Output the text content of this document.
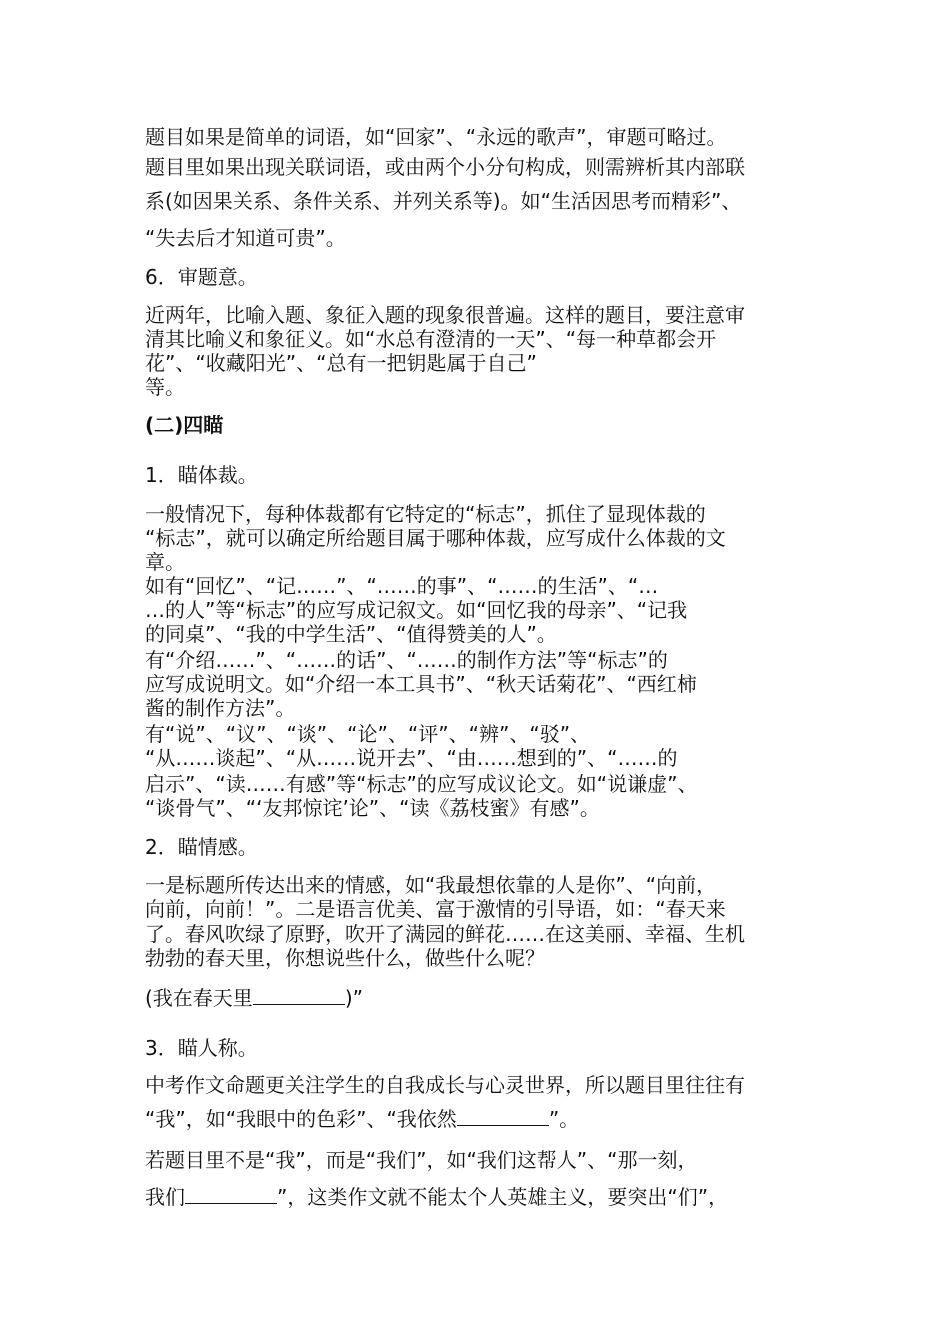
题目如果是简单的词语，如“回家”、“永远的歌声”，审题可略过。

题目里如果出现关联词语，或由两个小分句构成，则需辨析其内部联

系(如因果关系、条件关系、并列关系等)。如“生活因思考而精彩”、

“失去后才知道可贵”。

6．审题意。

近两年，比喻入题、象征入题的现象很普遍。这样的题目，要注意审

清其比喻义和象征义。如“水总有澄清的一天”、“每一种草都会开

花”、“收藏阳光”、“总有一把钥匙属于自己”

等。

(二)四瞄

1．瞄体裁。

一般情况下，每种体裁都有它特定的“标志”，抓住了显现体裁的

“标志”，就可以确定所给题目属于哪种体裁，应写成什么体裁的文

章。

如有“回忆”、“记……”、“……的事”、“……的生活”、“…

…的人”等“标志”的应写成记叙文。如“回忆我的母亲”、“记我

的同桌”、“我的中学生活”、“值得赞美的人”。

有“介绍……”、“……的话”、“……的制作方法”等“标志”的

应写成说明文。如“介绍一本工具书”、“秋天话菊花”、“西红柿

酱的制作方法”。

有“说”、“议”、“谈”、“论”、“评”、“辨”、“驳”、

“从……谈起”、“从……说开去”、“由……想到的”、“……的

启示”、“读……有感”等“标志”的应写成议论文。如“说谦虚”、

“谈骨气”、“‘友邦惊诧’论”、“读《荔枝蜜》有感”。

2．瞄情感。

一是标题所传达出来的情感，如“我最想依靠的人是你”、“向前，

向前，向前！”。二是语言优美、富于激情的引导语，如：“春天来

了。春风吹绿了原野，吹开了满园的鲜花……在这美丽、幸福、生机

勃勃的春天里，你想说些什么，做些什么呢？

(我在春天里	)”

3．瞄人称。

中考作文命题更关注学生的自我成长与心灵世界，所以题目里往往有

“我”，如“我眼中的色彩”、“我依然	”。

若题目里不是“我”，而是“我们”，如“我们这帮人”、“那一刻，

我们	”，这类作文就不能太个人英雄主义，要突出“们”，
